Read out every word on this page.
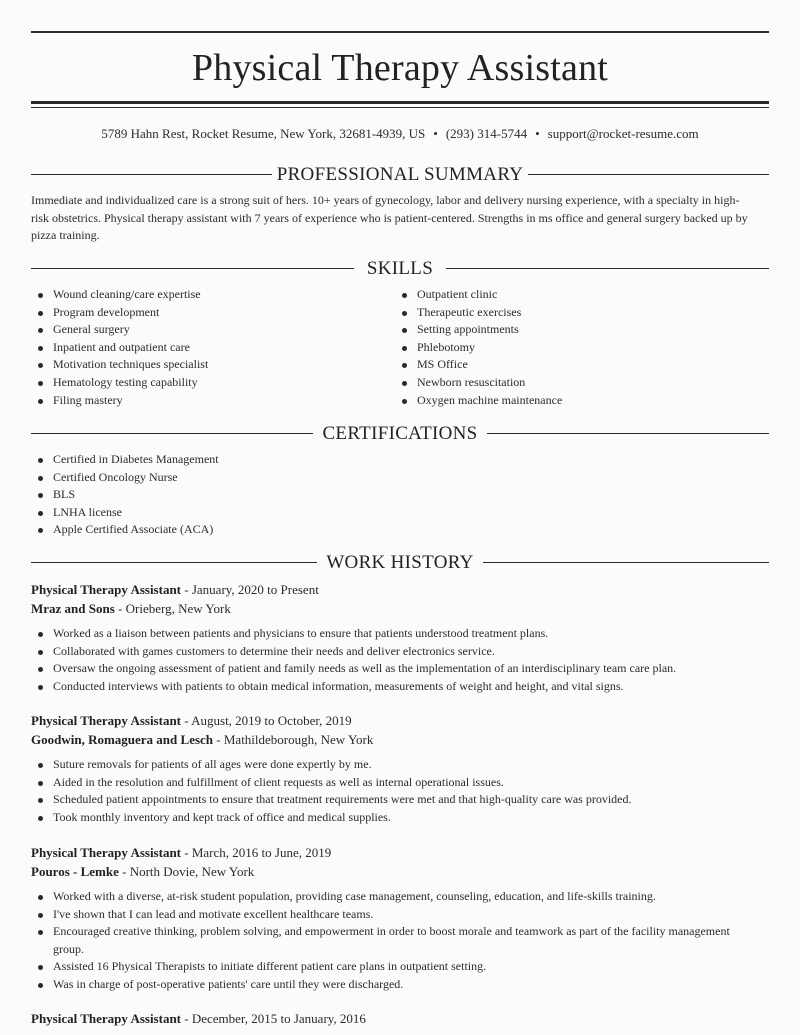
Physical Therapy Assistant
5789 Hahn Rest, Rocket Resume, New York, 32681-4939, US • (293) 314-5744 • support@rocket-resume.com
PROFESSIONAL SUMMARY
Immediate and individualized care is a strong suit of hers. 10+ years of gynecology, labor and delivery nursing experience, with a specialty in high-
risk obstetrics. Physical therapy assistant with 7 years of experience who is patient-centered. Strengths in ms office and general surgery backed up by
pizza training.
SKILLS
Wound cleaning/care expertise
Program development
General surgery
Inpatient and outpatient care
Motivation techniques specialist
Hematology testing capability
Filing mastery
Outpatient clinic
Therapeutic exercises
Setting appointments
Phlebotomy
MS Office
Newborn resuscitation
Oxygen machine maintenance
CERTIFICATIONS
Certified in Diabetes Management
Certified Oncology Nurse
BLS
LNHA license
Apple Certified Associate (ACA)
WORK HISTORY
Physical Therapy Assistant - January, 2020 to Present
Mraz and Sons - Orieberg, New York
Worked as a liaison between patients and physicians to ensure that patients understood treatment plans.
Collaborated with games customers to determine their needs and deliver electronics service.
Oversaw the ongoing assessment of patient and family needs as well as the implementation of an interdisciplinary team care plan.
Conducted interviews with patients to obtain medical information, measurements of weight and height, and vital signs.
Physical Therapy Assistant - August, 2019 to October, 2019
Goodwin, Romaguera and Lesch - Mathildeborough, New York
Suture removals for patients of all ages were done expertly by me.
Aided in the resolution and fulfillment of client requests as well as internal operational issues.
Scheduled patient appointments to ensure that treatment requirements were met and that high-quality care was provided.
Took monthly inventory and kept track of office and medical supplies.
Physical Therapy Assistant - March, 2016 to June, 2019
Pouros - Lemke - North Dovie, New York
Worked with a diverse, at-risk student population, providing case management, counseling, education, and life-skills training.
I've shown that I can lead and motivate excellent healthcare teams.
Encouraged creative thinking, problem solving, and empowerment in order to boost morale and teamwork as part of the facility management
group.
Assisted 16 Physical Therapists to initiate different patient care plans in outpatient setting.
Was in charge of post-operative patients' care until they were discharged.
Physical Therapy Assistant - December, 2015 to January, 2016
